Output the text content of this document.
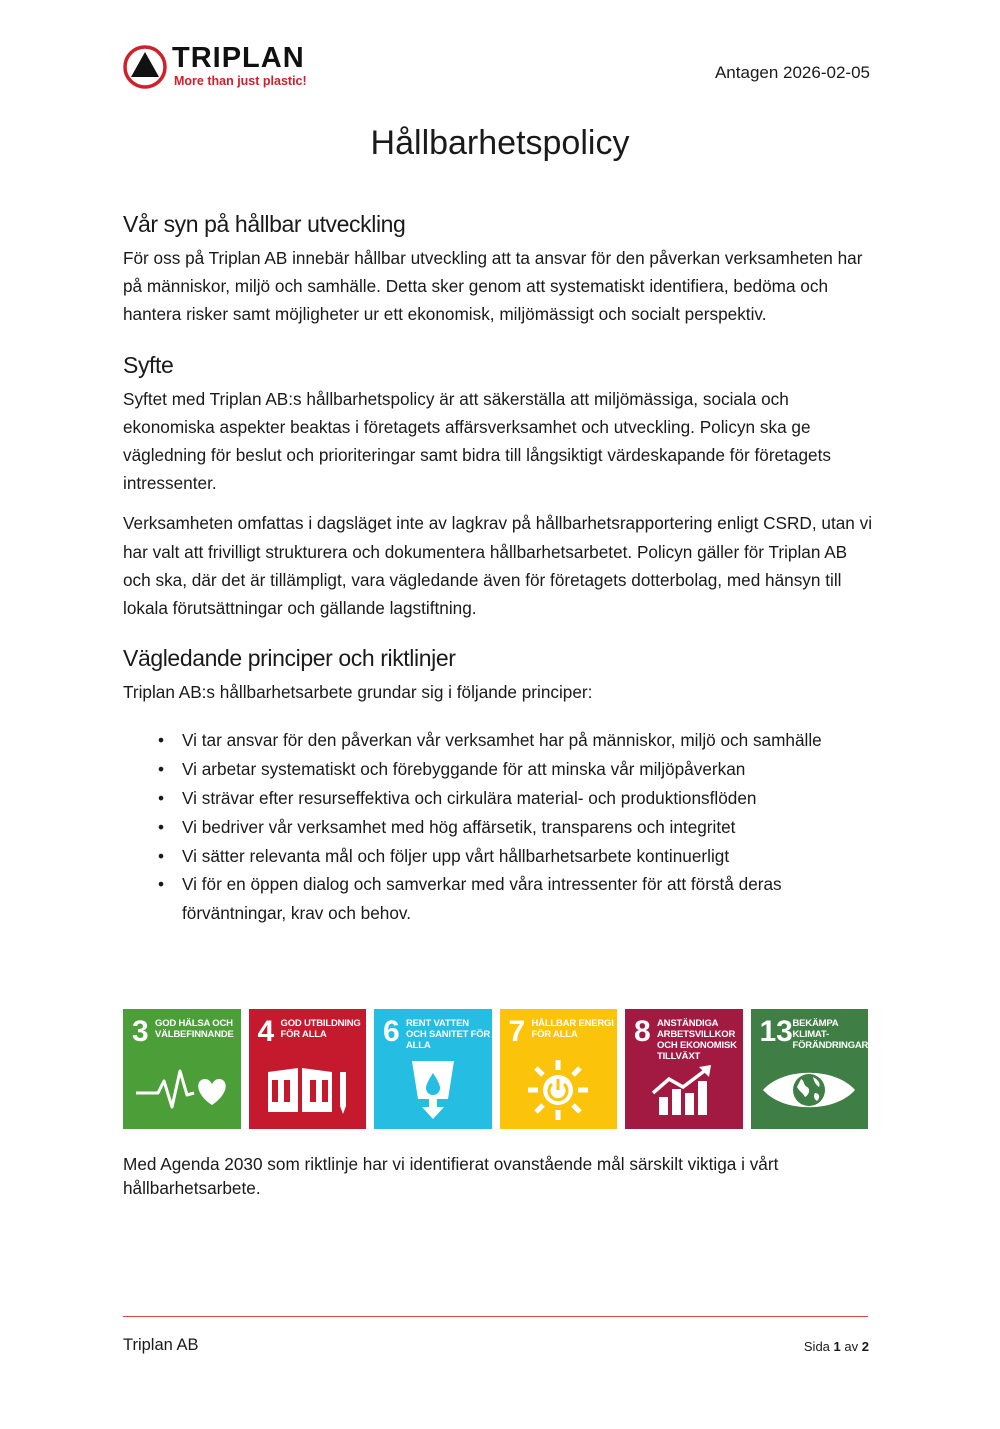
TRIPLAN
More than just plastic!	Antagen 2026-02-05
Hållbarhetspolicy
Vår syn på hållbar utveckling

För oss på Triplan AB innebär hållbar utveckling att ta ansvar för den påverkan verksamheten har på människor, miljö och samhälle. Detta sker genom att systematiskt identifiera, bedöma och hantera risker samt möjligheter ur ett ekonomisk, miljömässigt och socialt perspektiv.

Syfte

Syftet med Triplan AB:s hållbarhetspolicy är att säkerställa att miljömässiga, sociala och ekonomiska aspekter beaktas i företagets affärsverksamhet och utveckling. Policyn ska ge vägledning för beslut och prioriteringar samt bidra till långsiktigt värdeskapande för företagets intressenter.

Verksamheten omfattas i dagsläget inte av lagkrav på hållbarhetsrapportering enligt CSRD, utan vi har valt att frivilligt strukturera och dokumentera hållbarhetsarbetet. Policyn gäller för Triplan AB och ska, där det är tillämpligt, vara vägledande även för företagets dotterbolag, med hänsyn till lokala förutsättningar och gällande lagstiftning.

Vägledande principer och riktlinjer

Triplan AB:s hållbarhetsarbete grundar sig i följande principer:

• Vi tar ansvar för den påverkan vår verksamhet har på människor, miljö och samhälle
• Vi arbetar systematiskt och förebyggande för att minska vår miljöpåverkan
• Vi strävar efter resurseffektiva och cirkulära material- och produktionsflöden
• Vi bedriver vår verksamhet med hög affärsetik, transparens och integritet
• Vi sätter relevanta mål och följer upp vårt hållbarhetsarbete kontinuerligt
• Vi för en öppen dialog och samverkar med våra intressenter för att förstå deras förväntningar, krav och behov.
3 GOD HÄLSA OCH VÄLBEFINNANDE 4 GOD UTBILDNING FÖR ALLA	6 RENT VATTEN OCH SANITET FÖR ALLA	7 HÅLLBAR ENERGI FÖR ALLA	8 ANSTÄNDIGA ARBETSVILLKOR OCH EKONOMISK TILLVÄXT
13 BEKÄMPA KLIMAT- FÖRÄNDRINGARNA

Med Agenda 2030 som riktlinje har vi identifierat ovanstående mål särskilt viktiga i vårt hållbarhetsarbete.

Triplan AB	Sida 1 av 2
